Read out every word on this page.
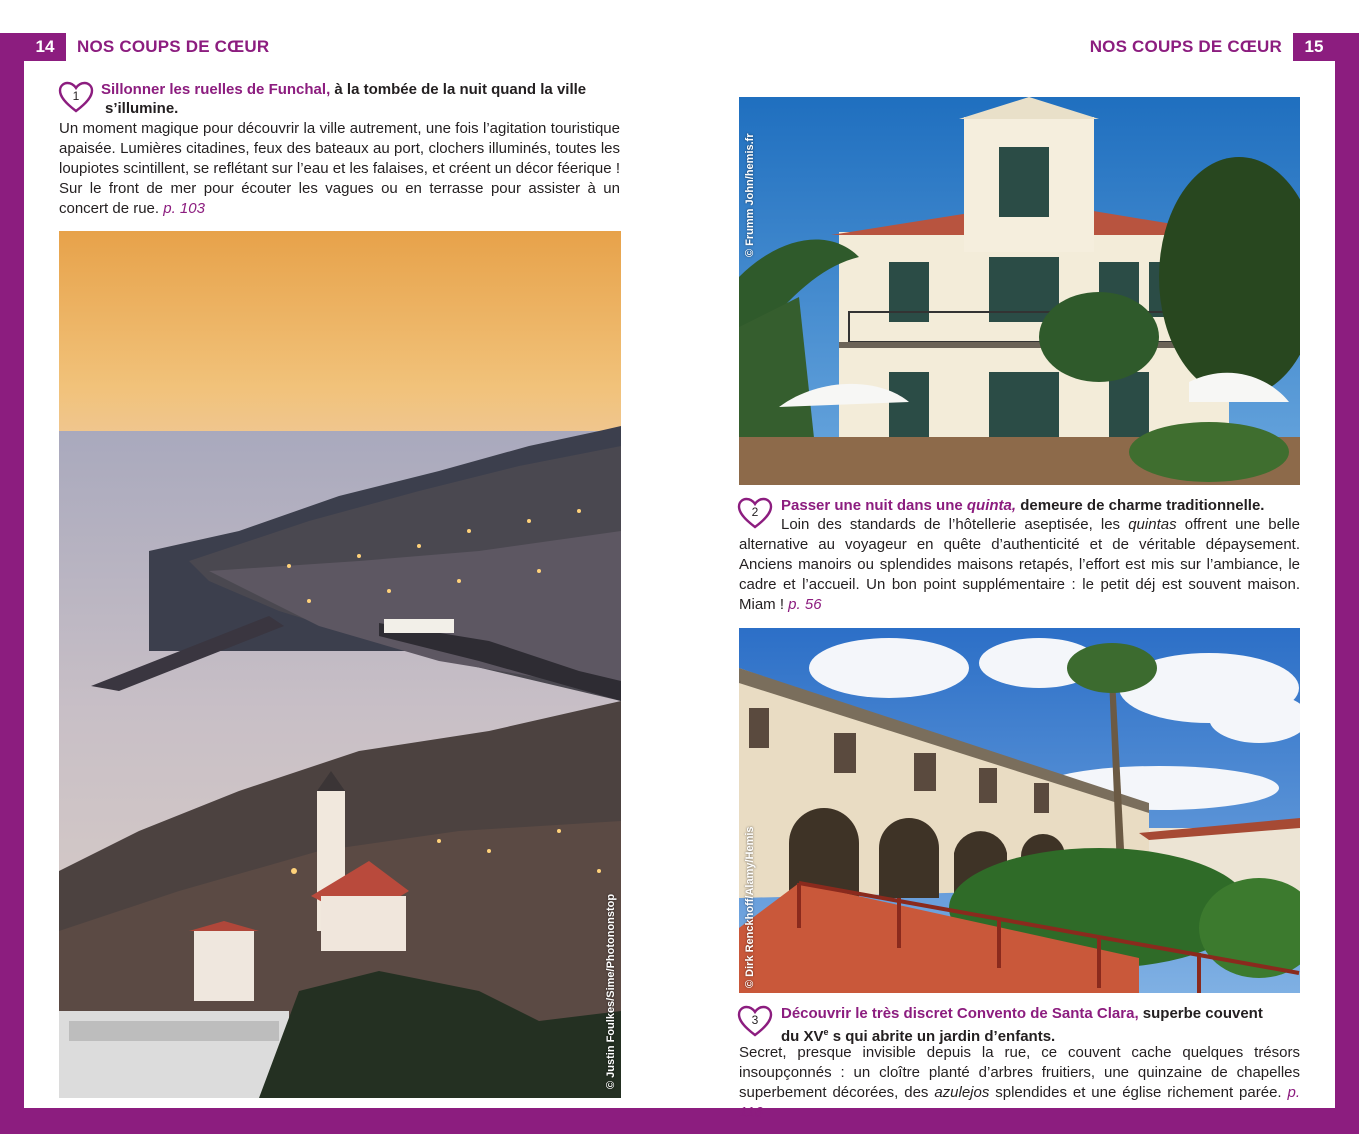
14	NOS COUPS DE CŒUR	NOS COUPS DE CŒUR	15
1 Sillonner les ruelles de Funchal, à la tombée de la nuit quand la ville
s’illumine.
Un moment magique pour découvrir la ville autrement, une fois l’agitation touristique apaisée. Lumières citadines, feux des bateaux au port, clochers illuminés, toutes les loupiotes scintillent, se reflétant sur l’eau et les falaises, et créent un décor féerique ! Sur le front de mer pour écouter les vagues ou en terrasse pour assister à un concert de rue. p. 103
© Justin Foulkes/Sime/Photononstop
© Frumm John/hemis.fr
2 Passer une nuit dans une quinta, demeure de charme traditionnelle.
Loin des standards de l’hôtellerie aseptisée, les quintas offrent une belle alternative au voyageur en quête d’authenticité et de véritable dépaysement. Anciens manoirs ou splendides maisons retapés, l’effort est mis sur l’ambiance, le cadre et l’accueil. Un bon point supplémentaire : le petit déj est souvent maison. Miam ! p. 56
© Dirk Renckhoff/Alamy/Hemis
3 Découvrir le très discret Convento de Santa Clara, superbe couvent
du XVe s qui abrite un jardin d’enfants.
Secret, presque invisible depuis la rue, ce couvent cache quelques trésors insoupçonnés : un cloître planté d’arbres fruitiers, une quinzaine de chapelles superbement décorées, des azulejos splendides et une église richement parée. p. 116
